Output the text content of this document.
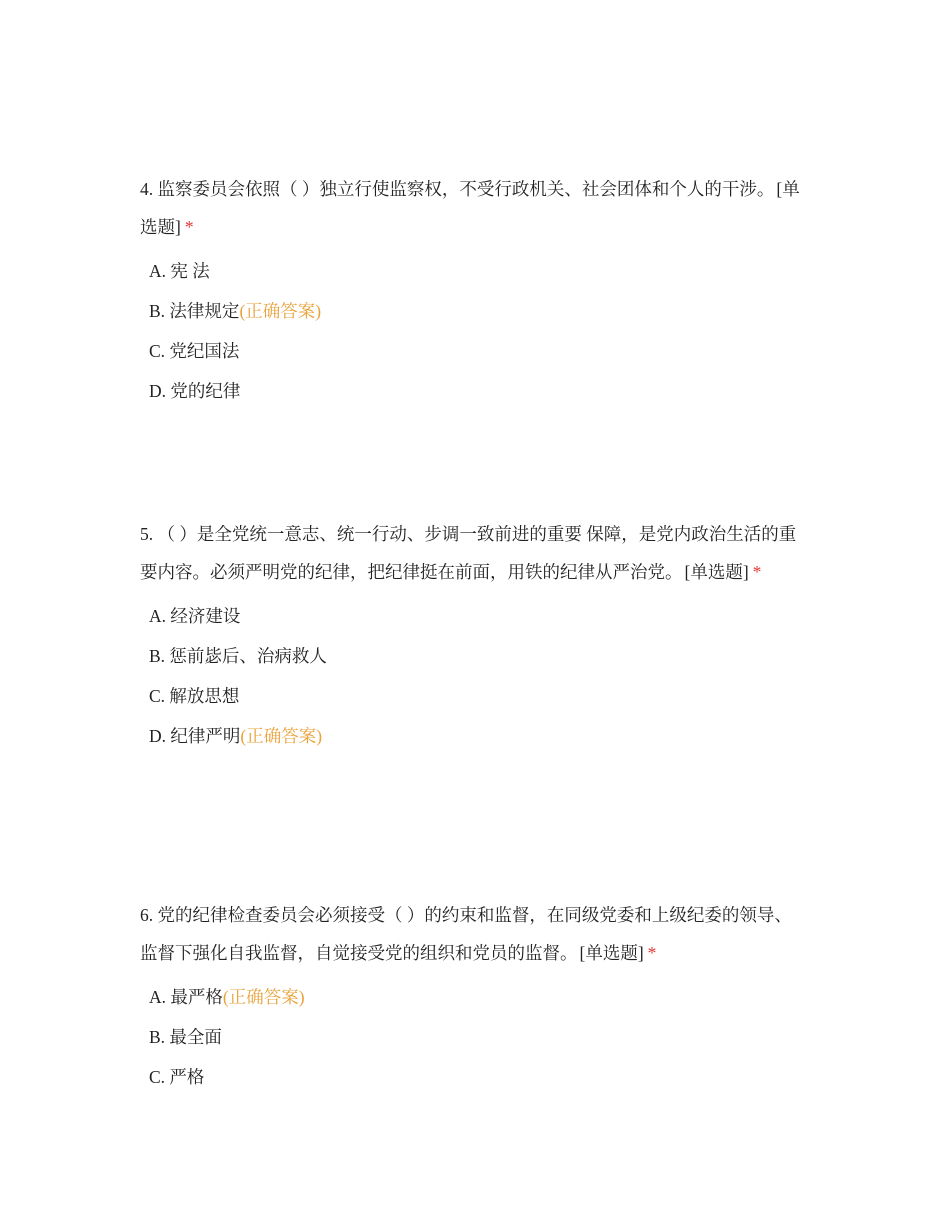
4. 监察委员会依照（ ）独立行使监察权，不受行政机关、社会团体和个人的干涉。 [单选题] *

A. 宪 法
B. 法律规定(正确答案)
C. 党纪国法
D. 党的纪律

5. （ ）是全党统一意志、统一行动、步调一致前进的重要 保障，是党内政治生活的重要内容。必须严明党的纪律，把纪律挺在前面，用铁的纪律从严治党。 [单选题] *

A. 经济建设
B. 惩前毖后、治病救人
C. 解放思想
D. 纪律严明(正确答案)

6. 党的纪律检查委员会必须接受（ ）的约束和监督，在同级党委和上级纪委的领导、监督下强化自我监督，自觉接受党的组织和党员的监督。 [单选题] *

A. 最严格(正确答案)
B. 最全面
C. 严格
